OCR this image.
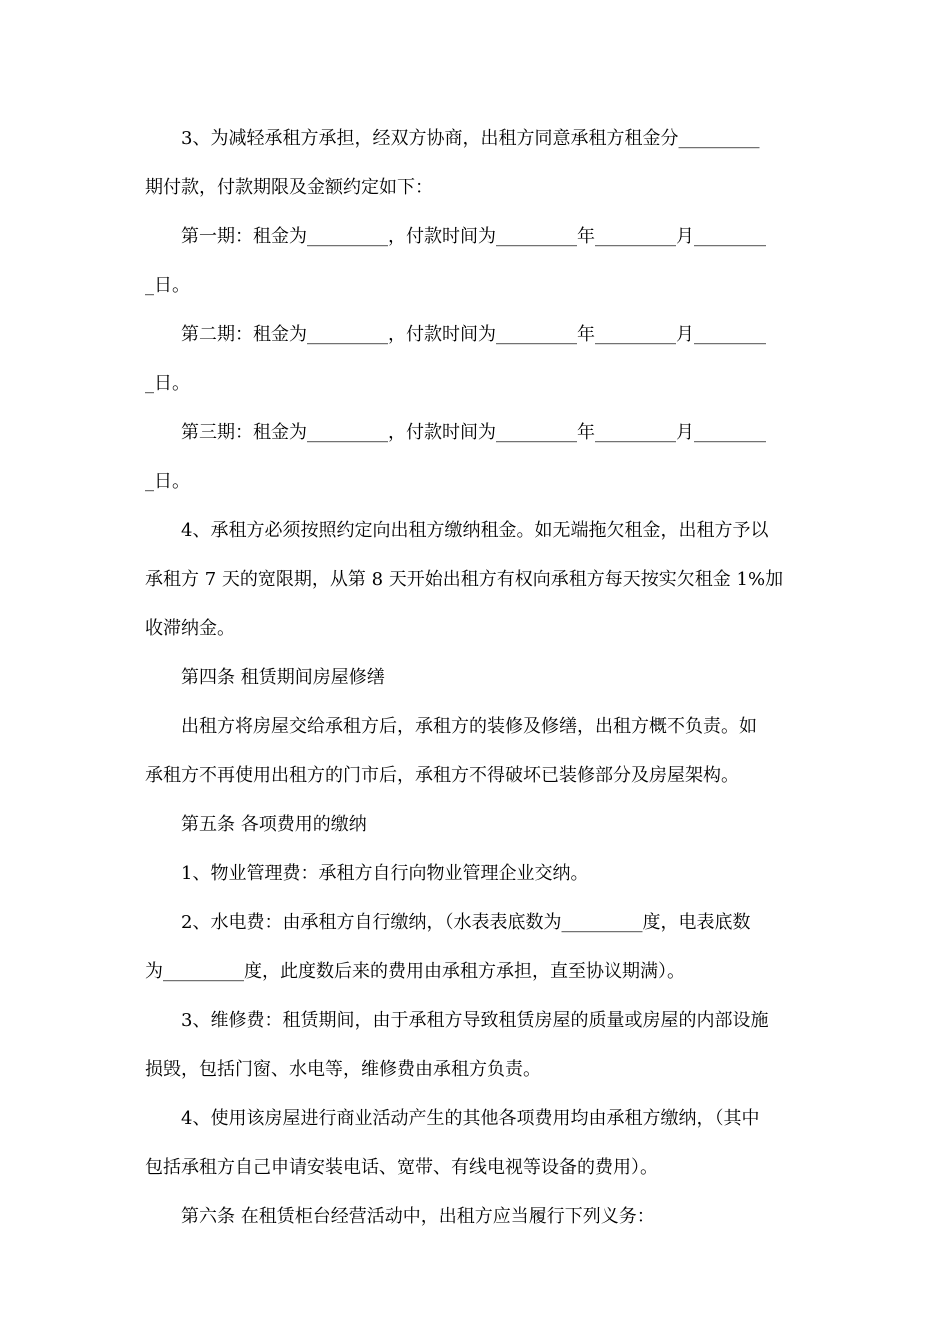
3、为减轻承租方承担，经双方协商，出租方同意承租方租金分_________
期付款，付款期限及金额约定如下：
第一期：租金为_________，付款时间为_________年_________月________
_日。
第二期：租金为_________，付款时间为_________年_________月________
_日。
第三期：租金为_________，付款时间为_________年_________月________
_日。
4、承租方必须按照约定向出租方缴纳租金。如无端拖欠租金，出租方予以
承租方 7 天的宽限期，从第 8 天开始出租方有权向承租方每天按实欠租金 1%加
收滞纳金。
第四条 租赁期间房屋修缮
出租方将房屋交给承租方后，承租方的装修及修缮，出租方概不负责。如
承租方不再使用出租方的门市后，承租方不得破坏已装修部分及房屋架构。
第五条 各项费用的缴纳
1、物业管理费：承租方自行向物业管理企业交纳。
2、水电费：由承租方自行缴纳，（水表表底数为_________度，电表底数
为_________度，此度数后来的费用由承租方承担，直至协议期满）。
3、维修费：租赁期间，由于承租方导致租赁房屋的质量或房屋的内部设施
损毁，包括门窗、水电等，维修费由承租方负责。
4、使用该房屋进行商业活动产生的其他各项费用均由承租方缴纳，（其中
包括承租方自己申请安装电话、宽带、有线电视等设备的费用）。
第六条 在租赁柜台经营活动中，出租方应当履行下列义务：
